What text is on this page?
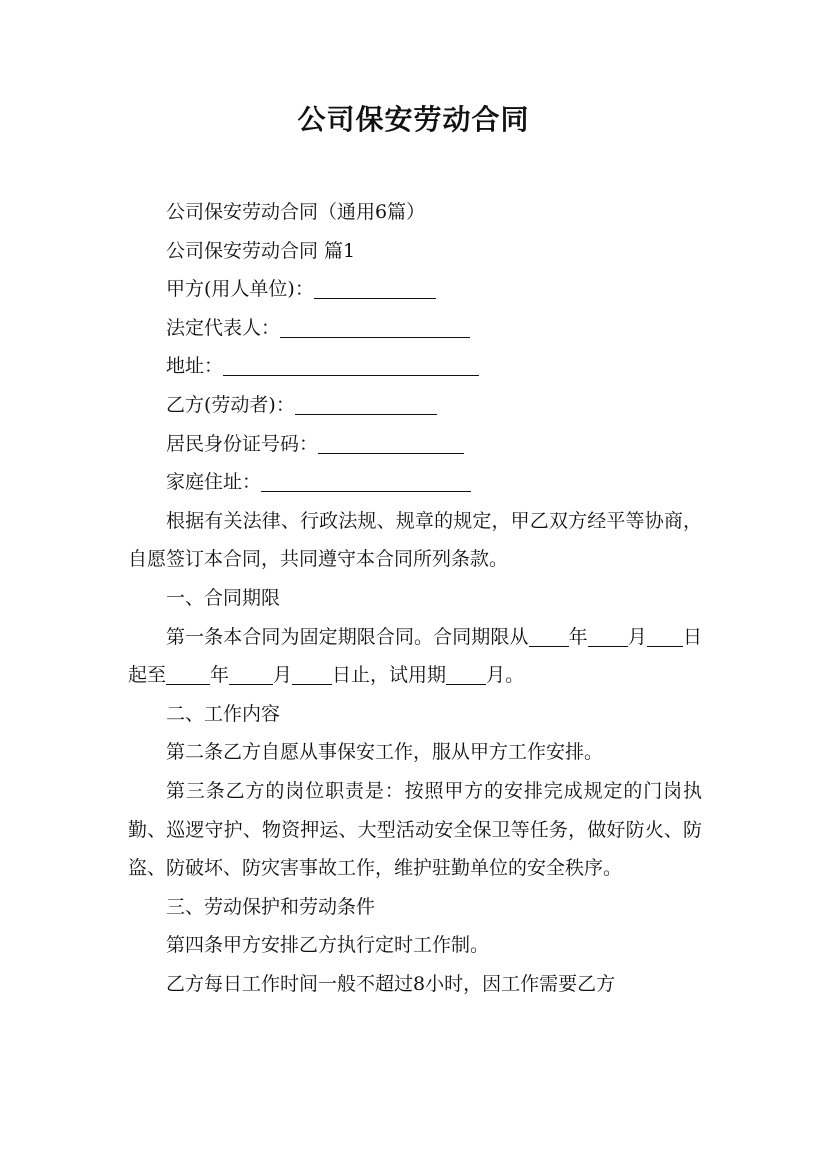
公司保安劳动合同

公司保安劳动合同（通用6篇）

公司保安劳动合同 篇1

甲方(用人单位)：

法定代表人：

地址：

乙方(劳动者)：

居民身份证号码：

家庭住址：

根据有关法律、行政法规、规章的规定，甲乙双方经平等协商，自愿签订本合同，共同遵守本合同所列条款。

一、合同期限

第一条本合同为固定期限合同。合同期限从 年 月 日起至 年 月 日止，试用期 月。

二、工作内容

第二条乙方自愿从事保安工作，服从甲方工作安排。

第三条乙方的岗位职责是：按照甲方的安排完成规定的门岗执勤、巡逻守护、物资押运、大型活动安全保卫等任务，做好防火、防盗、防破坏、防灾害事故工作，维护驻勤单位的安全秩序。

三、劳动保护和劳动条件

第四条甲方安排乙方执行定时工作制。

乙方每日工作时间一般不超过8小时，因工作需要乙方
